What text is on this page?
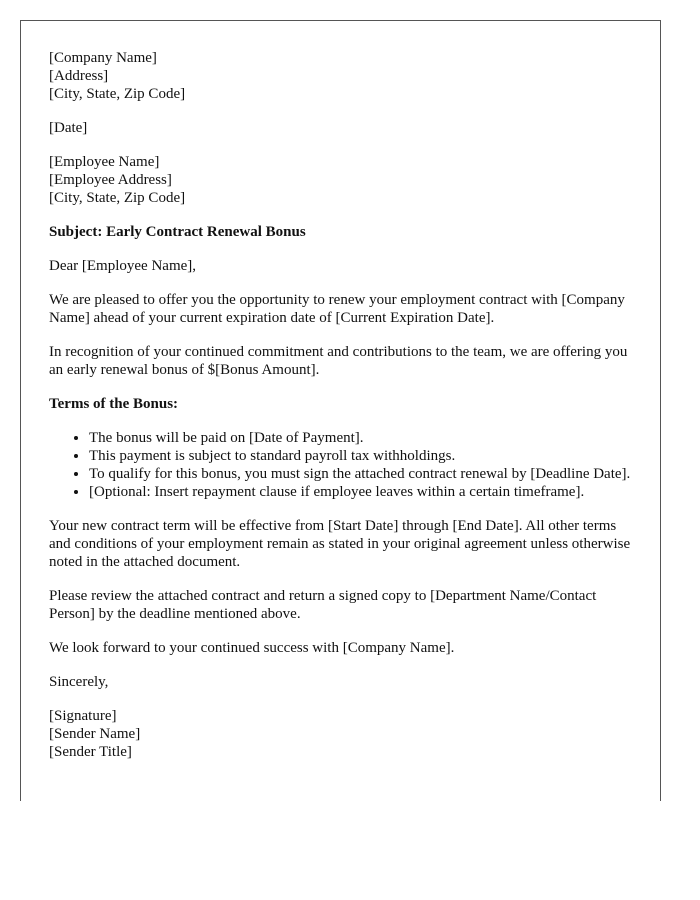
[Company Name]
[Address]
[City, State, Zip Code]
[Date]
[Employee Name]
[Employee Address]
[City, State, Zip Code]
Subject: Early Contract Renewal Bonus

Dear [Employee Name],

We are pleased to offer you the opportunity to renew your employment contract with [Company Name] ahead of your current expiration date of [Current Expiration Date].

In recognition of your continued commitment and contributions to the team, we are offering you an early renewal bonus of $[Bonus Amount].

Terms of the Bonus:
• The bonus will be paid on [Date of Payment].
• This payment is subject to standard payroll tax withholdings.
• To qualify for this bonus, you must sign the attached contract renewal by [Deadline Date].
• [Optional: Insert repayment clause if employee leaves within a certain timeframe].

Your new contract term will be effective from [Start Date] through [End Date]. All other terms and conditions of your employment remain as stated in your original agreement unless otherwise noted in the attached document.

Please review the attached contract and return a signed copy to [Department Name/Contact Person] by the deadline mentioned above.

We look forward to your continued success with [Company Name].

Sincerely,

[Signature]
[Sender Name]
[Sender Title]
